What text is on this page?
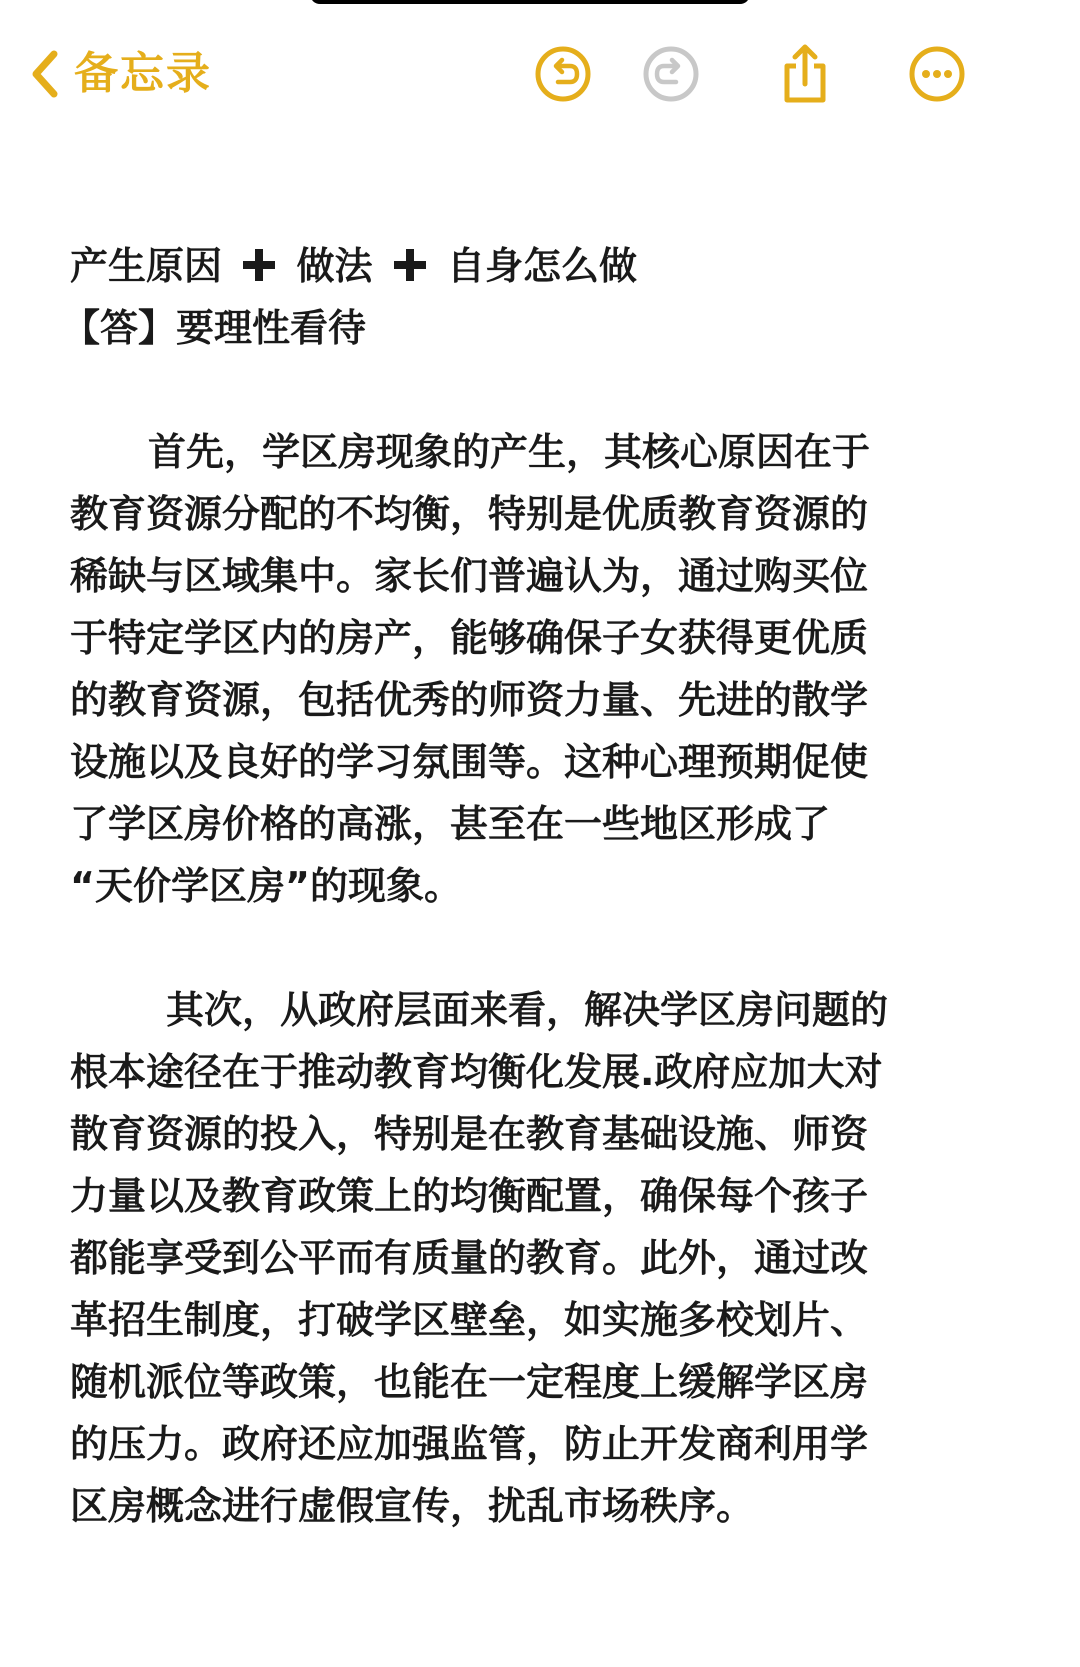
备忘录
产生原因 做法 自身怎么做
【答】要理性看待
首先，学区房现象的产生，其核心原因在于
教育资源分配的不均衡，特别是优质教育资源的
稀缺与区域集中。家长们普遍认为，通过购买位
于特定学区内的房产，能够确保子女获得更优质
的教育资源，包括优秀的师资力量、先进的散学
设施以及良好的学习氛围等。这种心理预期促使
了学区房价格的高涨，甚至在一些地区形成了
“天价学区房”的现象。
其次，从政府层面来看，解决学区房问题的
根本途径在于推动教育均衡化发展.政府应加大对
散育资源的投入，特别是在教育基础设施、师资
力量以及教育政策上的均衡配置，确保每个孩子
都能享受到公平而有质量的教育。此外，通过改
革招生制度，打破学区壁垒，如实施多校划片、
随机派位等政策，也能在一定程度上缓解学区房
的压力。政府还应加强监管，防止开发商利用学
区房概念进行虚假宣传，扰乱市场秩序。
